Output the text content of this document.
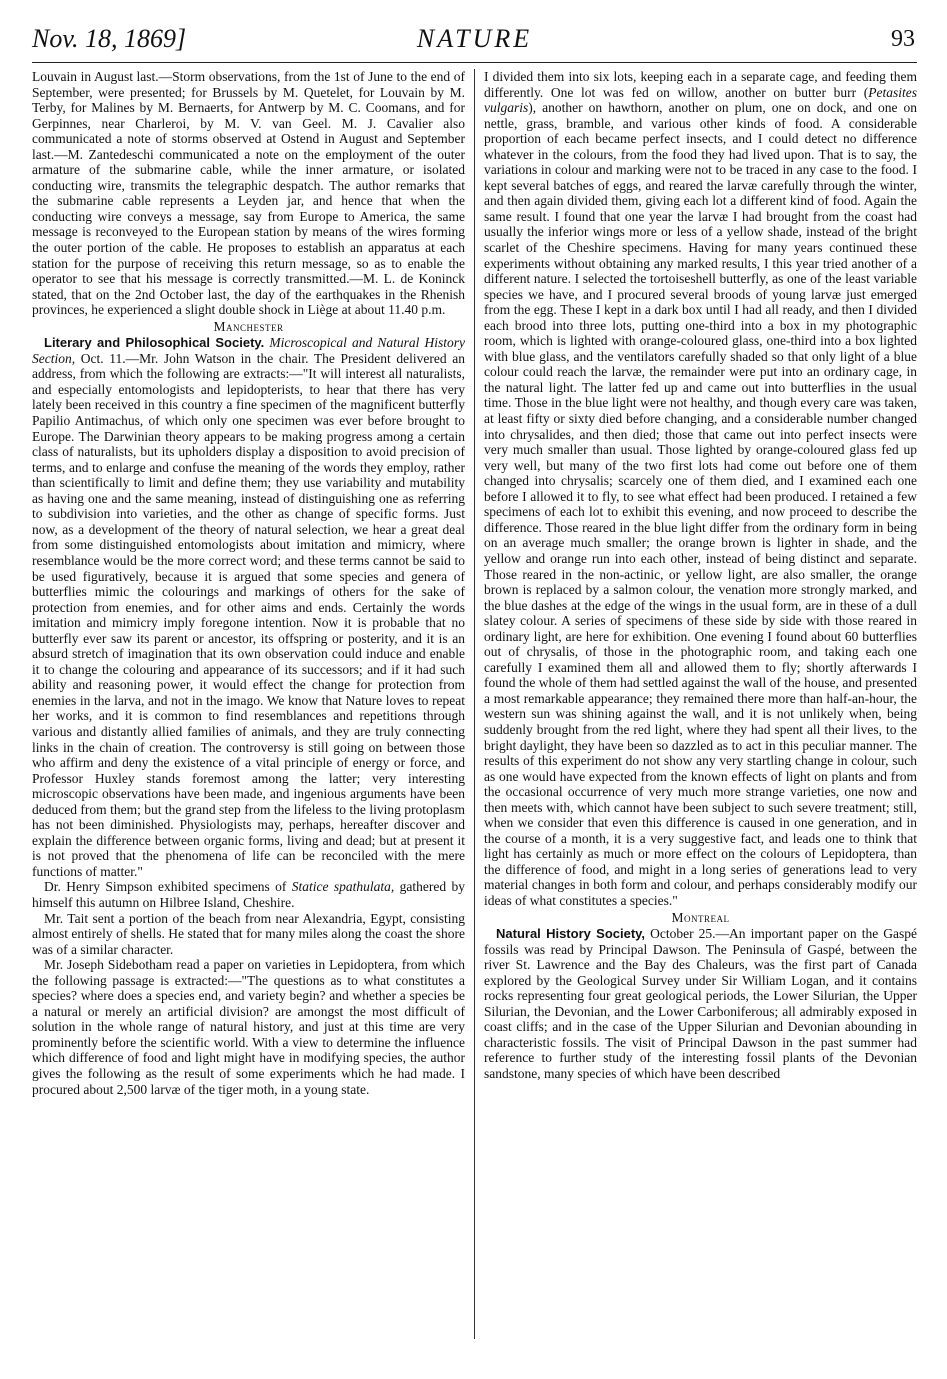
Nov. 18, 1869]	NATURE	93

Louvain in August last.—Storm observations, from the 1st of June to the end of September, were presented; for Brussels by M. Quetelet, for Louvain by M. Terby, for Malines by M. Bernaerts, for Antwerp by M. C. Coomans, and for Gerpinnes, near Charleroi, by M. V. van Geel. M. J. Cavalier also communicated a note of storms observed at Ostend in August and September last.—M. Zantedeschi communicated a note on the employment of the outer armature of the submarine cable, while the inner armature, or isolated conducting wire, transmits the telegraphic despatch. The author remarks that the submarine cable represents a Leyden jar, and hence that when the conducting wire conveys a message, say from Europe to America, the same message is reconveyed to the European station by means of the wires forming the outer portion of the cable. He proposes to establish an apparatus at each station for the purpose of receiving this return message, so as to enable the operator to see that his message is correctly transmitted.—M. L. de Koninck stated, that on the 2nd October last, the day of the earthquakes in the Rhenish provinces, he experienced a slight double shock in Liège at about 11.40 p.m.

Manchester

Literary and Philosophical Society. Microscopical and Natural History Section, Oct. 11.—Mr. John Watson in the chair. The President delivered an address, from which the following are extracts:—"It will interest all naturalists, and especially entomologists and lepidopterists, to hear that there has very lately been received in this country a fine specimen of the magnificent butterfly Papilio Antimachus, of which only one specimen was ever before brought to Europe. The Darwinian theory appears to be making progress among a certain class of naturalists, but its upholders display a disposition to avoid precision of terms, and to enlarge and confuse the meaning of the words they employ, rather than scientifically to limit and define them; they use variability and mutability as having one and the same meaning, instead of distinguishing one as referring to subdivision into varieties, and the other as change of specific forms. Just now, as a development of the theory of natural selection, we hear a great deal from some distinguished entomologists about imitation and mimicry, where resemblance would be the more correct word; and these terms cannot be said to be used figuratively, because it is argued that some species and genera of butterflies mimic the colourings and markings of others for the sake of protection from enemies, and for other aims and ends. Certainly the words imitation and mimicry imply foregone intention. Now it is probable that no butterfly ever saw its parent or ancestor, its offspring or posterity, and it is an absurd stretch of imagination that its own observation could induce and enable it to change the colouring and appearance of its successors; and if it had such ability and reasoning power, it would effect the change for protection from enemies in the larva, and not in the imago. We know that Nature loves to repeat her works, and it is common to find resemblances and repetitions through various and distantly allied families of animals, and they are truly connecting links in the chain of creation. The controversy is still going on between those who affirm and deny the existence of a vital principle of energy or force, and Professor Huxley stands foremost among the latter; very interesting microscopic observations have been made, and ingenious arguments have been deduced from them; but the grand step from the lifeless to the living protoplasm has not been diminished. Physiologists may, perhaps, hereafter discover and explain the difference between organic forms, living and dead; but at present it is not proved that the phenomena of life can be reconciled with the mere functions of matter."

Dr. Henry Simpson exhibited specimens of Statice spathulata, gathered by himself this autumn on Hilbree Island, Cheshire.

Mr. Tait sent a portion of the beach from near Alexandria, Egypt, consisting almost entirely of shells. He stated that for many miles along the coast the shore was of a similar character.

Mr. Joseph Sidebotham read a paper on varieties in Lepidoptera, from which the following passage is extracted:—"The questions as to what constitutes a species? where does a species end, and variety begin? and whether a species be a natural or merely an artificial division? are amongst the most difficult of solution in the whole range of natural history, and just at this time are very prominently before the scientific world. With a view to determine the influence which difference of food and light might have in modifying species, the author gives the following as the result of some experiments which he had made. I procured about 2,500 larvæ of the tiger moth, in a young state.

I divided them into six lots, keeping each in a separate cage, and feeding them differently. One lot was fed on willow, another on butter burr (Petasites vulgaris), another on hawthorn, another on plum, one on dock, and one on nettle, grass, bramble, and various other kinds of food. A considerable proportion of each became perfect insects, and I could detect no difference whatever in the colours, from the food they had lived upon. That is to say, the variations in colour and marking were not to be traced in any case to the food. I kept several batches of eggs, and reared the larvæ carefully through the winter, and then again divided them, giving each lot a different kind of food. Again the same result. I found that one year the larvæ I had brought from the coast had usually the inferior wings more or less of a yellow shade, instead of the bright scarlet of the Cheshire specimens. Having for many years continued these experiments without obtaining any marked results, I this year tried another of a different nature. I selected the tortoiseshell butterfly, as one of the least variable species we have, and I procured several broods of young larvæ just emerged from the egg. These I kept in a dark box until I had all ready, and then I divided each brood into three lots, putting one-third into a box in my photographic room, which is lighted with orange-coloured glass, one-third into a box lighted with blue glass, and the ventilators carefully shaded so that only light of a blue colour could reach the larvæ, the remainder were put into an ordinary cage, in the natural light. The latter fed up and came out into butterflies in the usual time. Those in the blue light were not healthy, and though every care was taken, at least fifty or sixty died before changing, and a considerable number changed into chrysalides, and then died; those that came out into perfect insects were very much smaller than usual. Those lighted by orange-coloured glass fed up very well, but many of the two first lots had come out before one of them changed into chrysalis; scarcely one of them died, and I examined each one before I allowed it to fly, to see what effect had been produced. I retained a few specimens of each lot to exhibit this evening, and now proceed to describe the difference. Those reared in the blue light differ from the ordinary form in being on an average much smaller; the orange brown is lighter in shade, and the yellow and orange run into each other, instead of being distinct and separate. Those reared in the non-actinic, or yellow light, are also smaller, the orange brown is replaced by a salmon colour, the venation more strongly marked, and the blue dashes at the edge of the wings in the usual form, are in these of a dull slatey colour. A series of specimens of these side by side with those reared in ordinary light, are here for exhibition. One evening I found about 60 butterflies out of chrysalis, of those in the photographic room, and taking each one carefully I examined them all and allowed them to fly; shortly afterwards I found the whole of them had settled against the wall of the house, and presented a most remarkable appearance; they remained there more than half-an-hour, the western sun was shining against the wall, and it is not unlikely when, being suddenly brought from the red light, where they had spent all their lives, to the bright daylight, they have been so dazzled as to act in this peculiar manner. The results of this experiment do not show any very startling change in colour, such as one would have expected from the known effects of light on plants and from the occasional occurrence of very much more strange varieties, one now and then meets with, which cannot have been subject to such severe treatment; still, when we consider that even this difference is caused in one generation, and in the course of a month, it is a very suggestive fact, and leads one to think that light has certainly as much or more effect on the colours of Lepidoptera, than the difference of food, and might in a long series of generations lead to very material changes in both form and colour, and perhaps considerably modify our ideas of what constitutes a species."

Montreal

Natural History Society, October 25.—An important paper on the Gaspé fossils was read by Principal Dawson. The Peninsula of Gaspé, between the river St. Lawrence and the Bay des Chaleurs, was the first part of Canada explored by the Geological Survey under Sir William Logan, and it contains rocks representing four great geological periods, the Lower Silurian, the Upper Silurian, the Devonian, and the Lower Carboniferous; all admirably exposed in coast cliffs; and in the case of the Upper Silurian and Devonian abounding in characteristic fossils. The visit of Principal Dawson in the past summer had reference to further study of the interesting fossil plants of the Devonian sandstone, many species of which have been described
